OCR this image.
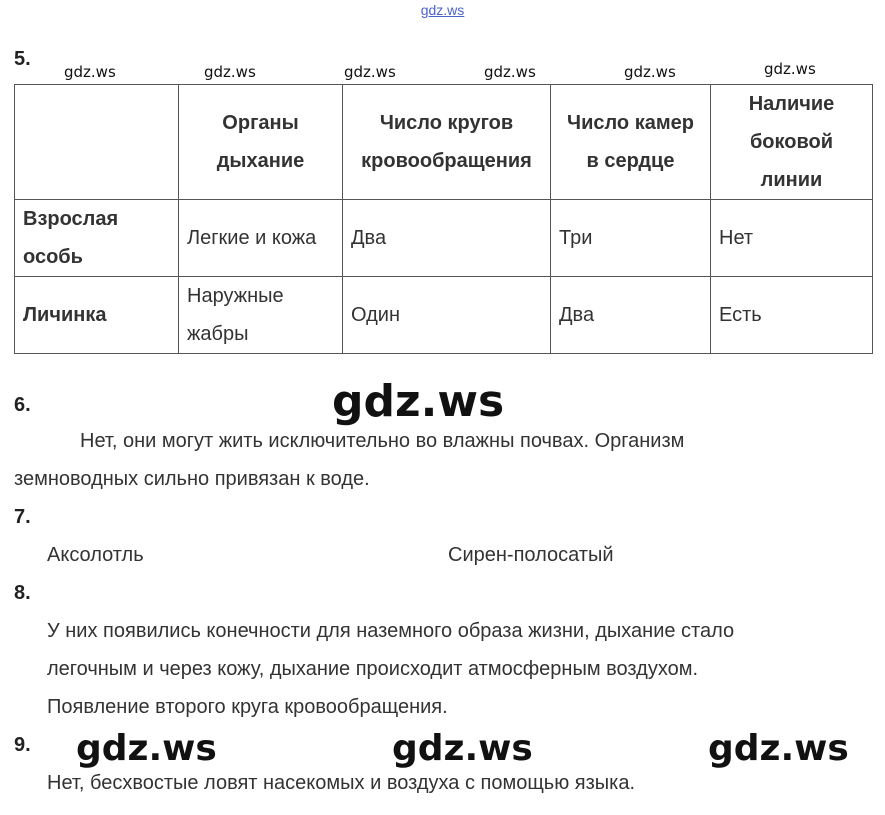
gdz.ws
gdz.ws	gdz.ws	gdz.ws	gdz.ws	gdz.ws	gdz.ws
5.
	Органы дыхание	Число кругов кровообращения	Число камер в сердце	Наличие боковой линии
Взрослая особь	Легкие и кожа	Два	Три	Нет
Личинка	Наружные жабры	Один	Два	Есть
gdz.ws
6.
Нет, они могут жить исключительно во влажны почвах. Организм
земноводных сильно привязан к воде.
7.
Аксолотль	Сирен-полосатый
8.
У них появились конечности для наземного образа жизни, дыхание стало
легочным и через кожу, дыхание происходит атмосферным воздухом.
Появление второго круга кровообращения.
9. gdz.ws	gdz.ws	gdz.ws
Нет, бесхвостые ловят насекомых и воздуха с помощью языка.
